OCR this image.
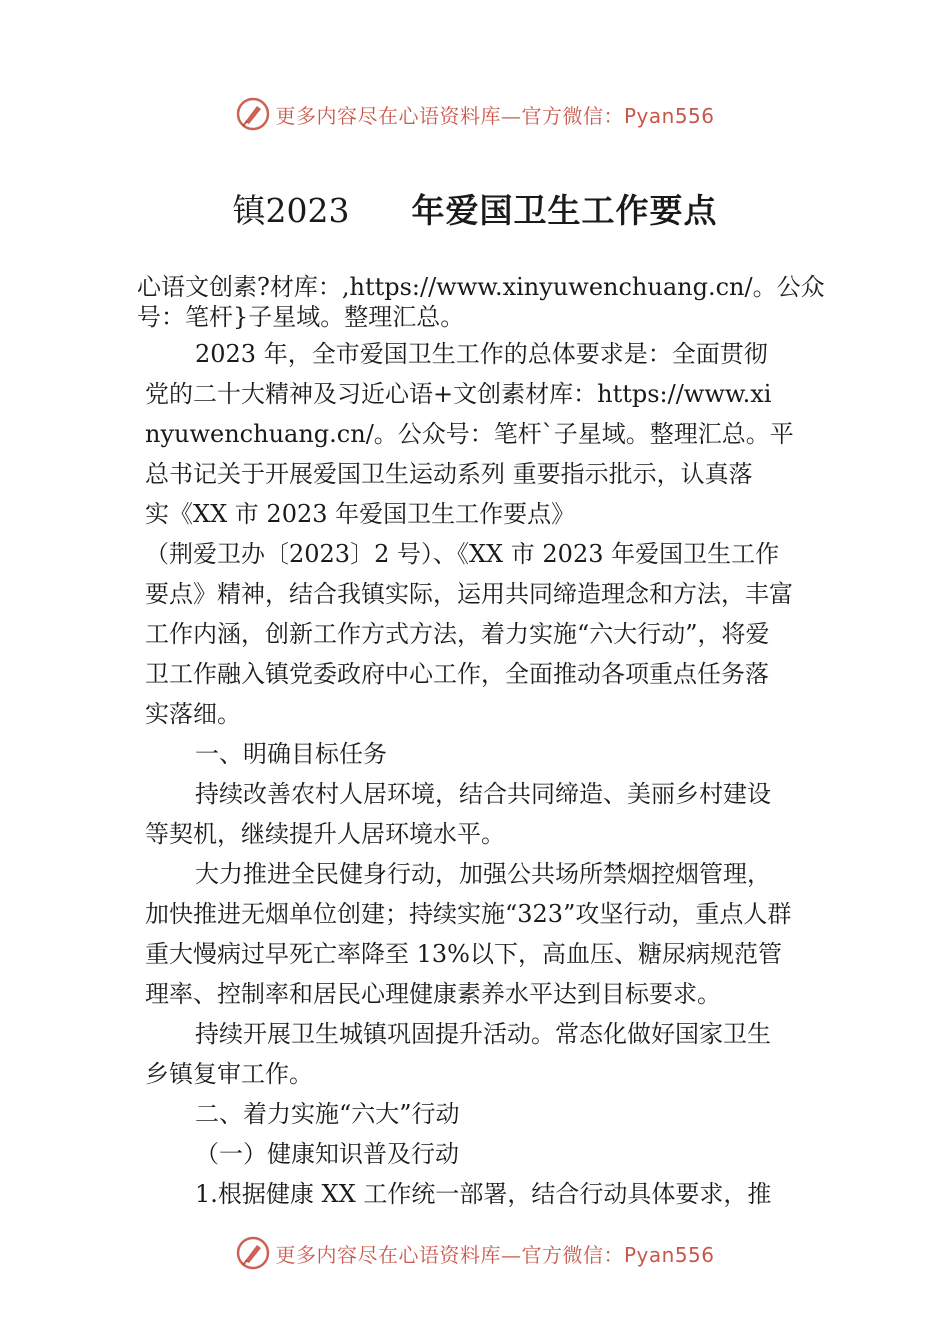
更多内容尽在心语资料库—官方微信：Pyan556
镇2023 年爱国卫生工作要点
心语文创素?材库：,https://www.xinyuwenchuang.cn/。公众
号：笔杆}子星域。整理汇总。
2023 年，全市爱国卫生工作的总体要求是：全面贯彻
党的二十大精神及习近心语+文创素材库：https://www.xi
nyuwenchuang.cn/。公众号：笔杆`子星域。整理汇总。平
总书记关于开展爱国卫生运动系列 重要指示批示，认真落
实《XX 市 2023 年爱国卫生工作要点》
（荆爱卫办〔2023〕2 号）、《XX 市 2023 年爱国卫生工作
要点》精神，结合我镇实际，运用共同缔造理念和方法，丰富
工作内涵，创新工作方式方法，着力实施“六大行动”，将爱
卫工作融入镇党委政府中心工作，全面推动各项重点任务落
实落细。
一、明确目标任务
持续改善农村人居环境，结合共同缔造、美丽乡村建设
等契机，继续提升人居环境水平。
大力推进全民健身行动，加强公共场所禁烟控烟管理，
加快推进无烟单位创建；持续实施“323”攻坚行动，重点人群
重大慢病过早死亡率降至 13%以下，高血压、糖尿病规范管
理率、控制率和居民心理健康素养水平达到目标要求。
持续开展卫生城镇巩固提升活动。常态化做好国家卫生
乡镇复审工作。
二、着力实施“六大”行动
（一）健康知识普及行动
1.根据健康 XX 工作统一部署，结合行动具体要求，推
更多内容尽在心语资料库—官方微信：Pyan556
